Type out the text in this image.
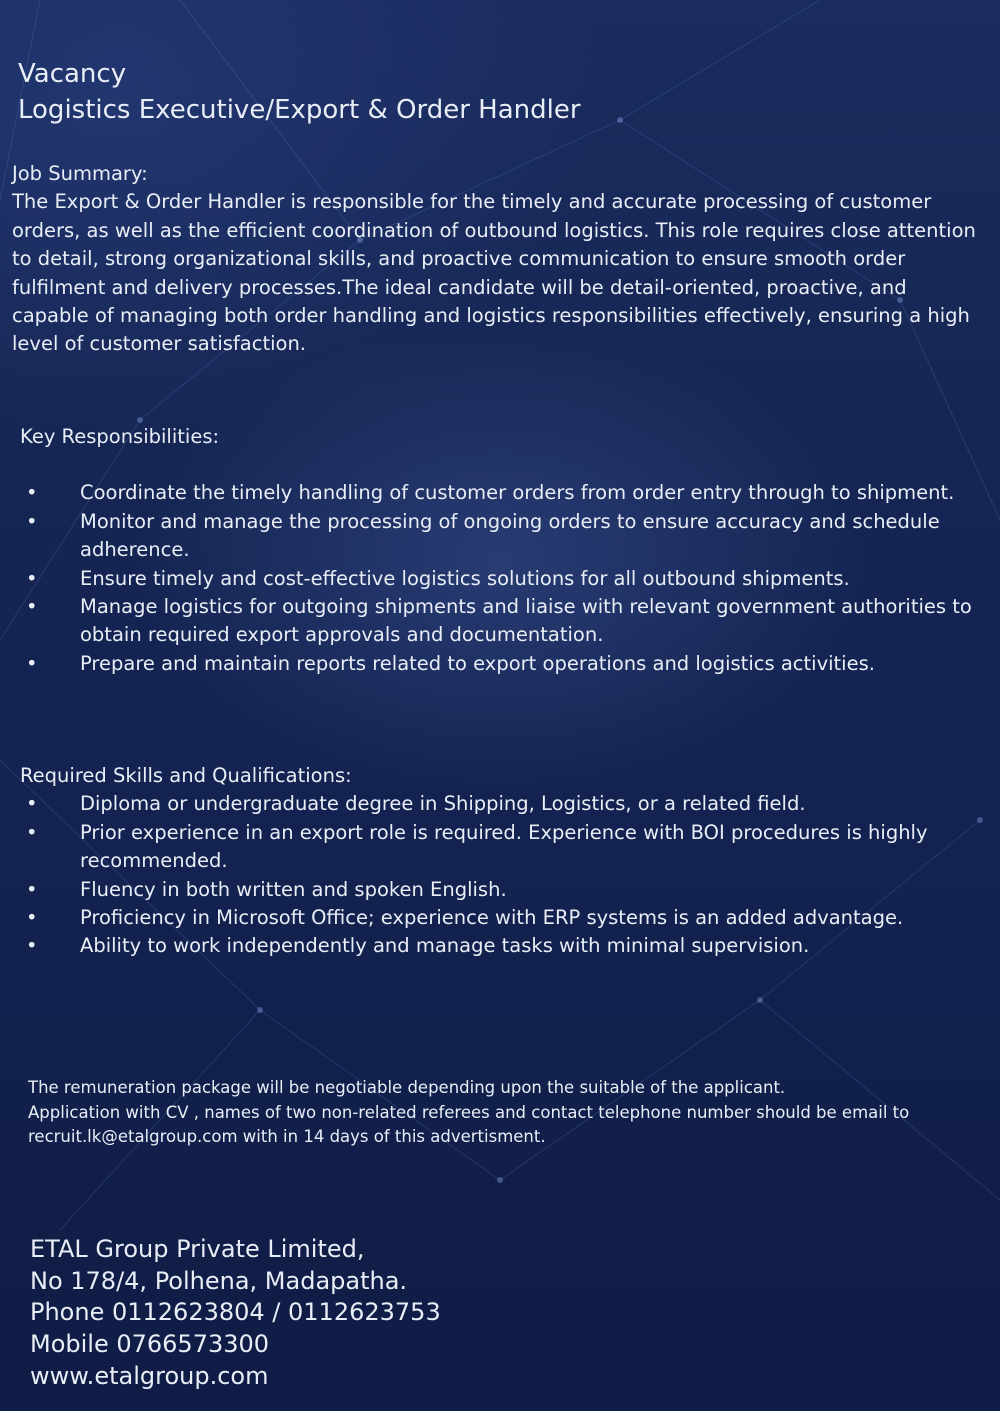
Vacancy
Logistics Executive/Export & Order Handler

Job Summary:

The Export & Order Handler is responsible for the timely and accurate processing of customer orders, as well as the efficient coordination of outbound logistics. This role requires close attention to detail, strong organizational skills, and proactive communication to ensure smooth order fulfilment and delivery processes.The ideal candidate will be detail-oriented, proactive, and capable of managing both order handling and logistics responsibilities effectively, ensuring a high level of customer satisfaction.

Key Responsibilities:

• Coordinate the timely handling of customer orders from order entry through to shipment.
• Monitor and manage the processing of ongoing orders to ensure accuracy and schedule adherence.
• Ensure timely and cost-effective logistics solutions for all outbound shipments.
• Manage logistics for outgoing shipments and liaise with relevant government authorities to obtain required export approvals and documentation.
• Prepare and maintain reports related to export operations and logistics activities.

Required Skills and Qualifications:

• Diploma or undergraduate degree in Shipping, Logistics, or a related field.
• Prior experience in an export role is required. Experience with BOI procedures is highly recommended.
• Fluency in both written and spoken English.
• Proficiency in Microsoft Office; experience with ERP systems is an added advantage.
• Ability to work independently and manage tasks with minimal supervision.

The remuneration package will be negotiable depending upon the suitable of the applicant.

Application with CV , names of two non-related referees and contact telephone number should be email to recruit.lk@etalgroup.com with in 14 days of this advertisment.

ETAL Group Private Limited,
No 178/4, Polhena, Madapatha.
Phone 0112623804 / 0112623753
Mobile 0766573300
www.etalgroup.com
